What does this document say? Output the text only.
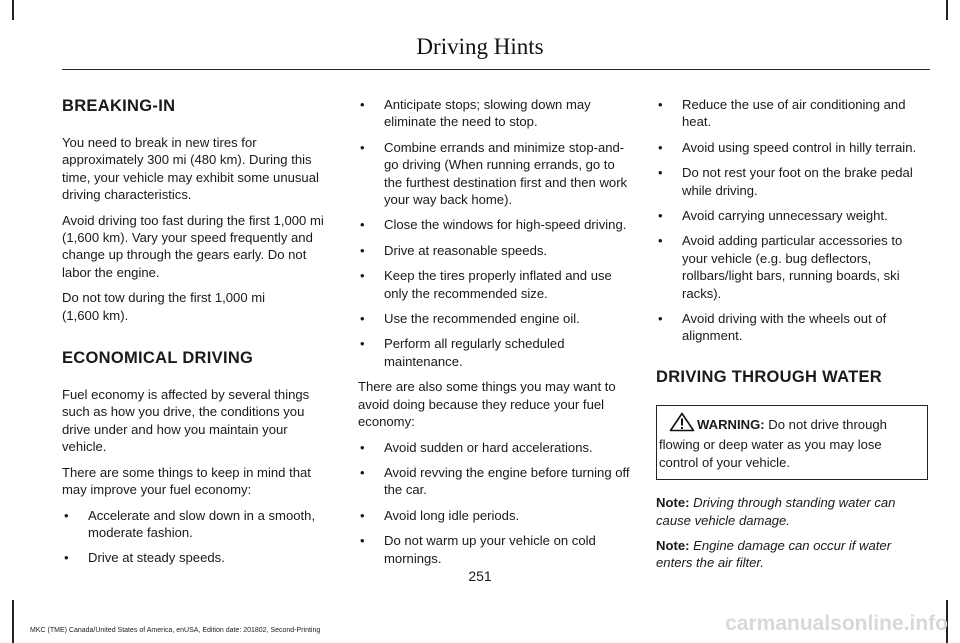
Driving Hints
BREAKING-IN

You need to break in new tires for approximately 300 mi (480 km). During this time, your vehicle may exhibit some unusual driving characteristics.

Avoid driving too fast during the first 1,000 mi (1,600 km). Vary your speed frequently and change up through the gears early. Do not labor the engine.

Do not tow during the first 1,000 mi
(1,600 km).

ECONOMICAL DRIVING

Fuel economy is affected by several things such as how you drive, the conditions you drive under and how you maintain your vehicle.

There are some things to keep in mind that may improve your fuel economy:

• Accelerate and slow down in a smooth, moderate fashion.
• Drive at steady speeds.
• Anticipate stops; slowing down may eliminate the need to stop.
• Combine errands and minimize stop-and-go driving (When running errands, go to the furthest destination first and then work your way back home).
• Close the windows for high-speed driving.
• Drive at reasonable speeds.
• Keep the tires properly inflated and use only the recommended size.
• Use the recommended engine oil.
• Perform all regularly scheduled maintenance.

There are also some things you may want to avoid doing because they reduce your fuel economy:

• Avoid sudden or hard accelerations.
• Avoid revving the engine before turning off the car.
• Avoid long idle periods.
• Do not warm up your vehicle on cold mornings.
• Reduce the use of air conditioning and heat.
• Avoid using speed control in hilly terrain.
• Do not rest your foot on the brake pedal while driving.
• Avoid carrying unnecessary weight.
• Avoid adding particular accessories to your vehicle (e.g. bug deflectors, rollbars/light bars, running boards, ski racks).
• Avoid driving with the wheels out of alignment.
DRIVING THROUGH WATER
WARNING: Do not drive through flowing or deep water as you may lose control of your vehicle.

Note: Driving through standing water can cause vehicle damage.

Note: Engine damage can occur if water enters the air filter.

251
MKC (TME) Canada/United States of America, enUSA, Edition date: 201802, Second-Printing	carmanualsonline.info
